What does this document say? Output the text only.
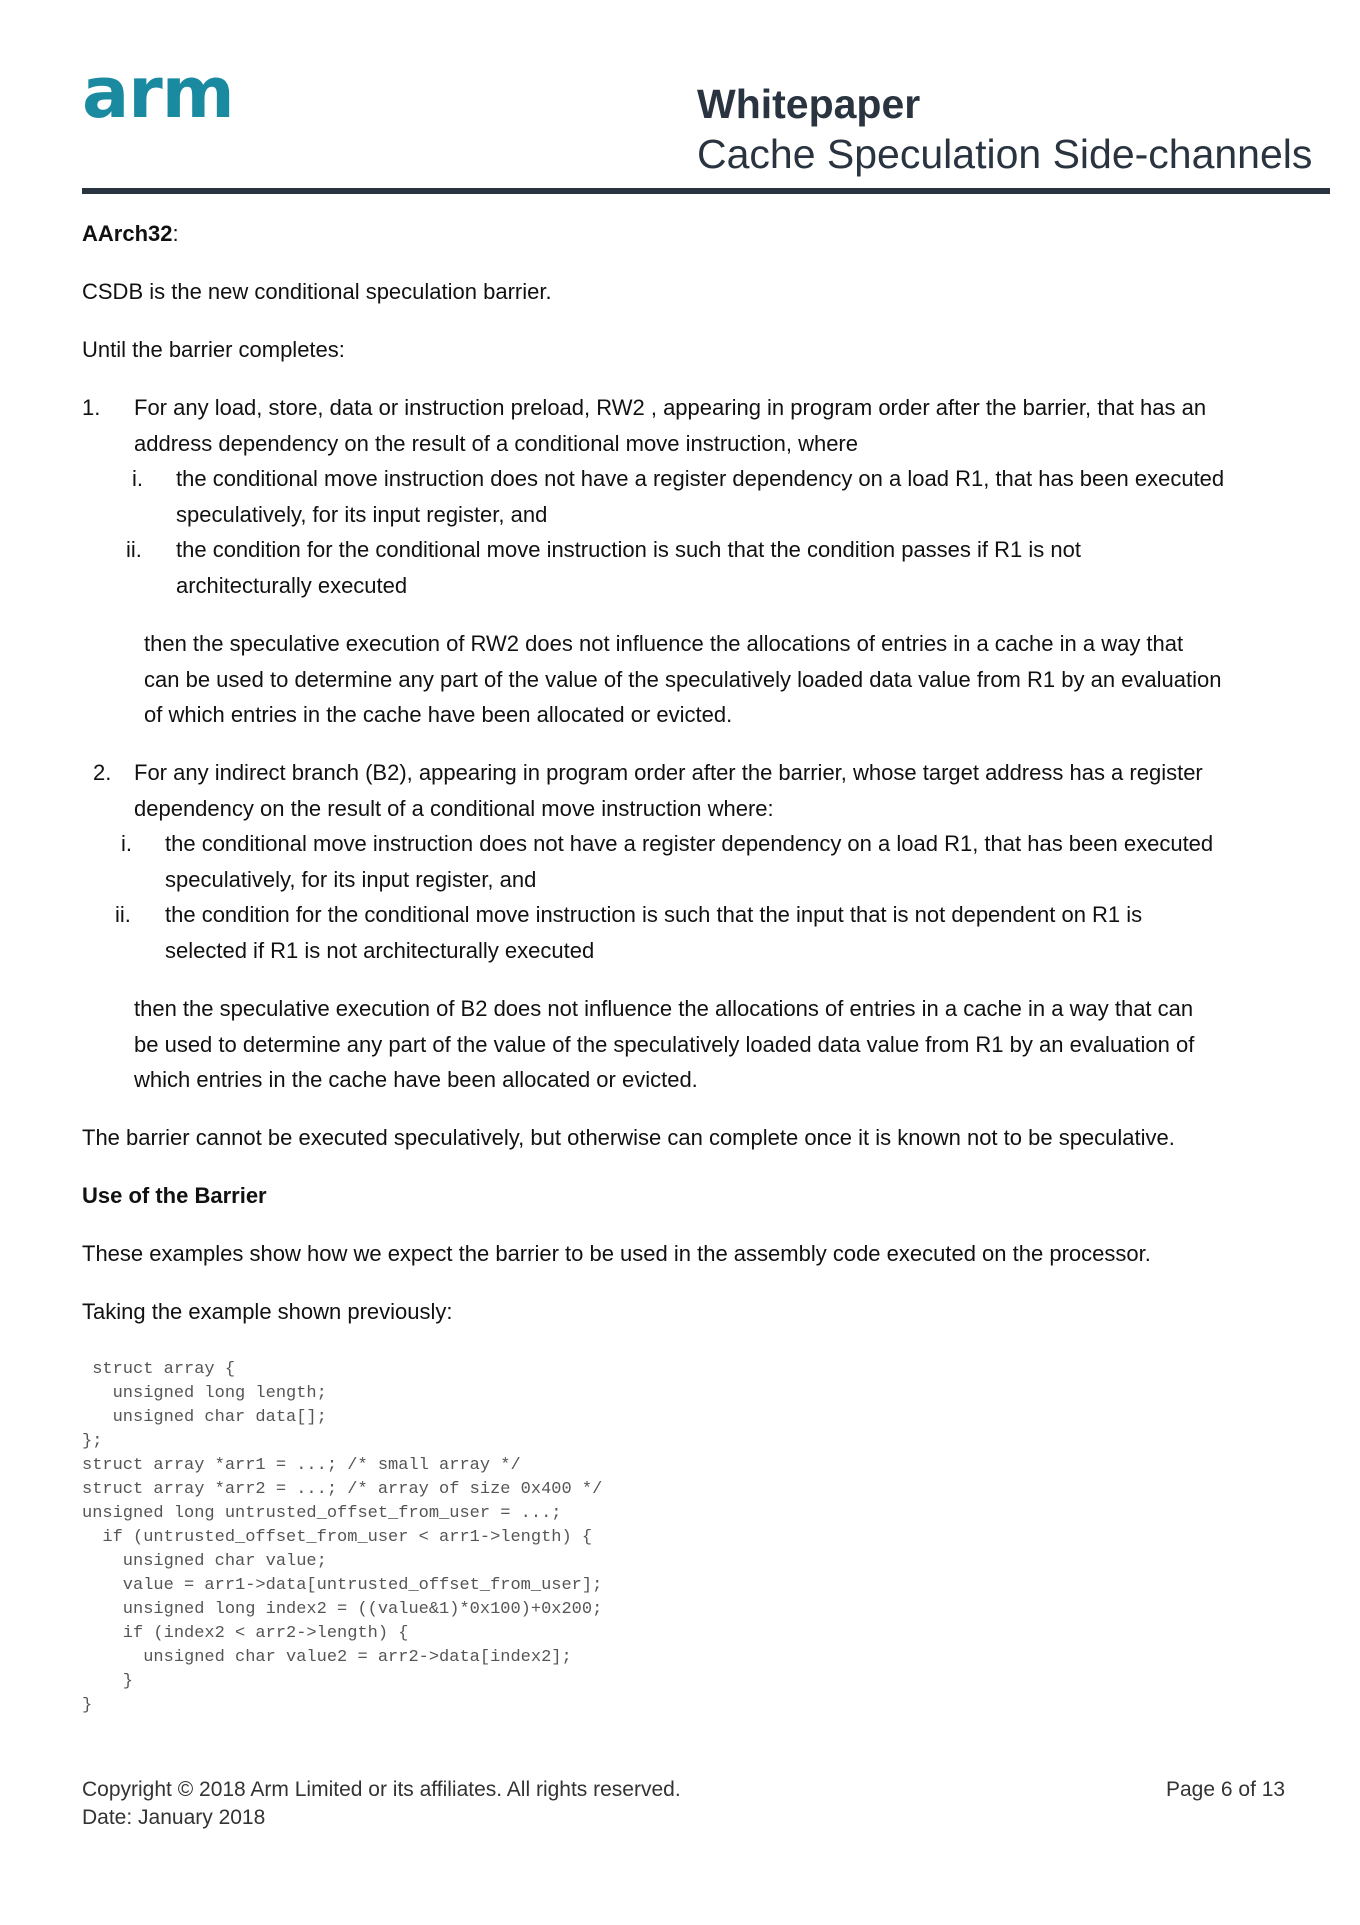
arm	Whitepaper
Cache Speculation Side-channels
AArch32:
CSDB is the new conditional speculation barrier.
Until the barrier completes:
1. For any load, store, data or instruction preload, RW2 , appearing in program order after the barrier, that has an
address dependency on the result of a conditional move instruction, where
i. the conditional move instruction does not have a register dependency on a load R1, that has been executed
speculatively, for its input register, and
ii. the condition for the conditional move instruction is such that the condition passes if R1 is not
architecturally executed
then the speculative execution of RW2 does not influence the allocations of entries in a cache in a way that
can be used to determine any part of the value of the speculatively loaded data value from R1 by an evaluation
of which entries in the cache have been allocated or evicted.
2. For any indirect branch (B2), appearing in program order after the barrier, whose target address has a register
dependency on the result of a conditional move instruction where:
i. the conditional move instruction does not have a register dependency on a load R1, that has been executed
speculatively, for its input register, and
ii. the condition for the conditional move instruction is such that the input that is not dependent on R1 is
selected if R1 is not architecturally executed
then the speculative execution of B2 does not influence the allocations of entries in a cache in a way that can
be used to determine any part of the value of the speculatively loaded data value from R1 by an evaluation of
which entries in the cache have been allocated or evicted.
The barrier cannot be executed speculatively, but otherwise can complete once it is known not to be speculative.
Use of the Barrier
These examples show how we expect the barrier to be used in the assembly code executed on the processor.
Taking the example shown previously:
struct array {
unsigned long length;
unsigned char data[];
};
struct array *arr1 = ...; /* small array */
struct array *arr2 = ...; /* array of size 0x400 */
unsigned long untrusted_offset_from_user = ...;
if (untrusted_offset_from_user < arr1->length) {
unsigned char value;
value = arr1->data[untrusted_offset_from_user];
unsigned long index2 = ((value&1)*0x100)+0x200;
if (index2 < arr2->length) {
unsigned char value2 = arr2->data[index2];
}
}
Copyright © 2018 Arm Limited or its affiliates. All rights reserved.
Date: January 2018
Page 6 of 13
